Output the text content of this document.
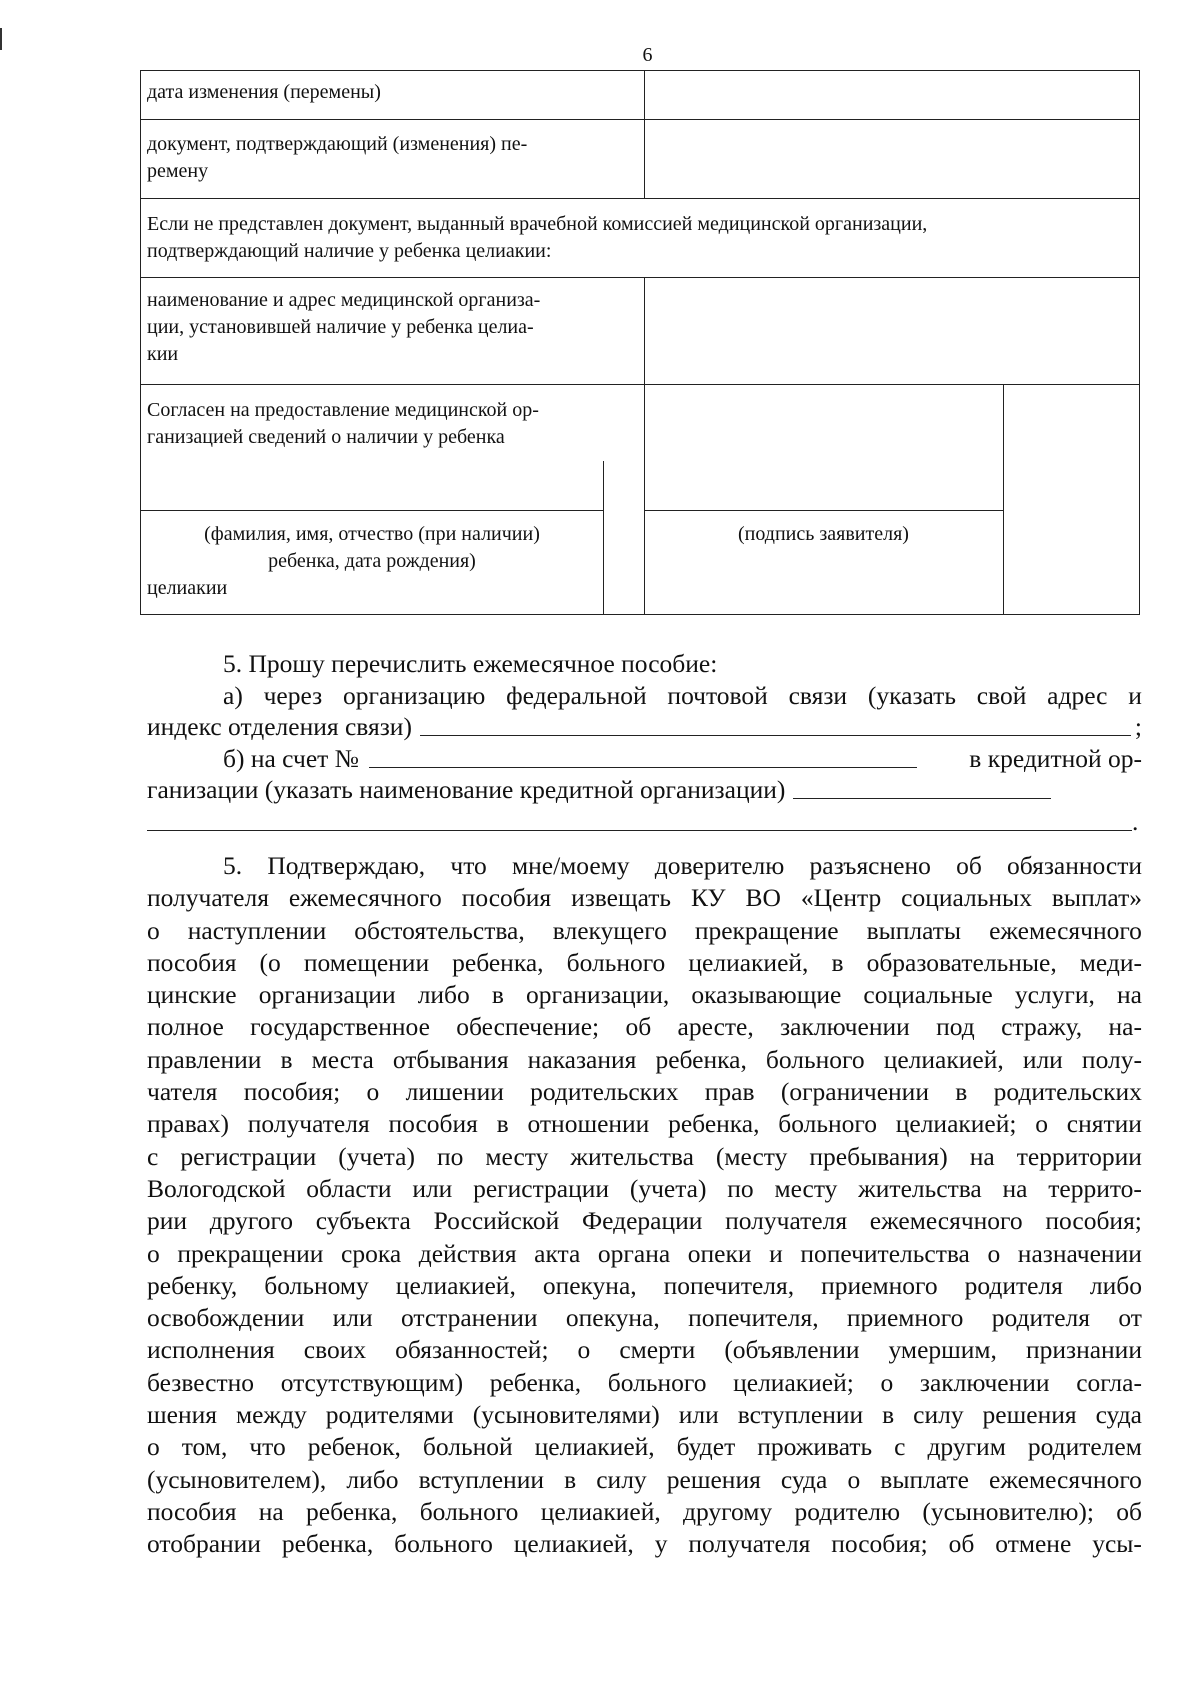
6
дата изменения (перемены)
документ, подтверждающий (изменения) пе-
ремену
Если не представлен документ, выданный врачебной комиссией медицинской организации,
подтверждающий наличие у ребенка целиакии:
наименование и адрес медицинской организа-
ции, установившей наличие у ребенка целиа-
кии
Согласен на предоставление медицинской ор-
ганизацией сведений о наличии у ребенка
(фамилия, имя, отчество (при наличии)
ребенка, дата рождения)
целиакии
(подпись заявителя)
5. Прошу перечислить ежемесячное пособие:
а) через организацию федеральной почтовой связи (указать свой адрес и
индекс отделения связи)	;
б) на счет №	в кредитной ор-
ганизации (указать наименование кредитной организации)
.
5. Подтверждаю, что мне/моему доверителю разъяснено об обязанности
получателя ежемесячного пособия извещать КУ ВО «Центр социальных выплат»
о наступлении обстоятельства, влекущего прекращение выплаты ежемесячного
пособия (о помещении ребенка, больного целиакией, в образовательные, меди-
цинские организации либо в организации, оказывающие социальные услуги, на
полное государственное обеспечение; об аресте, заключении под стражу, на-
правлении в места отбывания наказания ребенка, больного целиакией, или полу-
чателя пособия; о лишении родительских прав (ограничении в родительских
правах) получателя пособия в отношении ребенка, больного целиакией; о снятии
с регистрации (учета) по месту жительства (месту пребывания) на территории
Вологодской области или регистрации (учета) по месту жительства на террито-
рии другого субъекта Российской Федерации получателя ежемесячного пособия;
о прекращении срока действия акта органа опеки и попечительства о назначении
ребенку, больному целиакией, опекуна, попечителя, приемного родителя либо
освобождении или отстранении опекуна, попечителя, приемного родителя от
исполнения своих обязанностей; о смерти (объявлении умершим, признании
безвестно отсутствующим) ребенка, больного целиакией; о заключении согла-
шения между родителями (усыновителями) или вступлении в силу решения суда
о том, что ребенок, больной целиакией, будет проживать с другим родителем
(усыновителем), либо вступлении в силу решения суда о выплате ежемесячного
пособия на ребенка, больного целиакией, другому родителю (усыновителю); об
отобрании ребенка, больного целиакией, у получателя пособия; об отмене усы-
